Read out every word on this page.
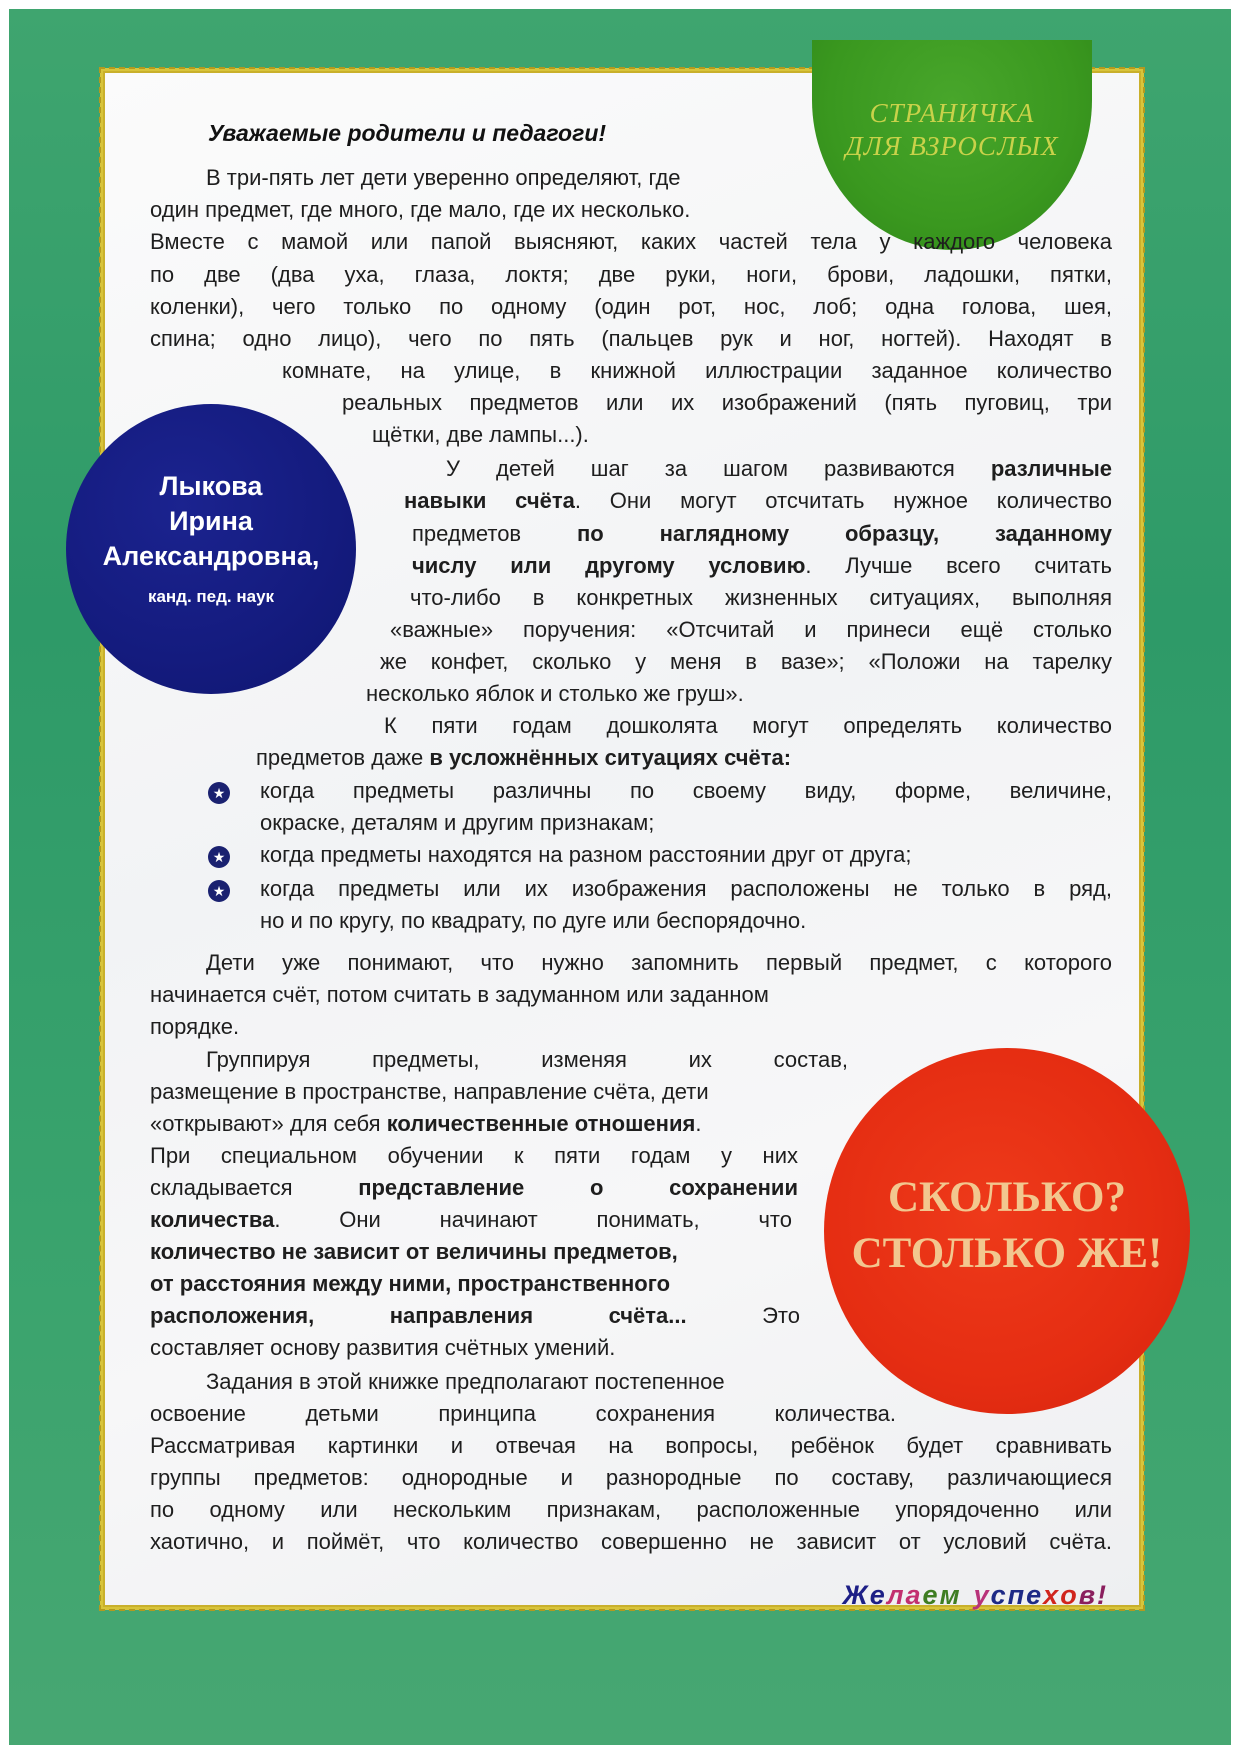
СТРАНИЧКА
ДЛЯ ВЗРОСЛЫХ
Уважаемые родители и педагоги!
В три-пять лет дети уверенно определяют, где
один предмет, где много, где мало, где их несколько.
Вместе с мамой или папой выясняют, каких частей тела у каждого человека
по две (два уха, глаза, локтя; две руки, ноги, брови, ладошки, пятки,
коленки), чего только по одному (один рот, нос, лоб; одна голова, шея,
спина; одно лицо), чего по пять (пальцев рук и ног, ногтей). Находят в
комнате, на улице, в книжной иллюстрации заданное количество
реальных предметов или их изображений (пять пуговиц, три
щётки, две лампы...).
Лыкова
Ирина
Александровна,
канд. пед. наук
У детей шаг за шагом развиваются различные
навыки счёта. Они могут отсчитать нужное количество
предметов по наглядному образцу, заданному
числу или другому условию. Лучше всего считать
что-либо в конкретных жизненных ситуациях, выполняя
«важные» поручения: «Отсчитай и принеси ещё столько
же конфет, сколько у меня в вазе»; «Положи на тарелку
несколько яблок и столько же груш».
К пяти годам дошколята могут определять количество
предметов даже в усложнённых ситуациях счёта:
★ когда предметы различны по своему виду, форме, величине,
окраске, деталям и другим признакам;
★ когда предметы находятся на разном расстоянии друг от друга;
★ когда предметы или их изображения расположены не только в ряд,
но и по кругу, по квадрату, по дуге или беспорядочно.
Дети уже понимают, что нужно запомнить первый предмет, с которого
начинается счёт, потом считать в задуманном или заданном
порядке.
СКОЛЬКО?
СТОЛЬКО ЖЕ!
Группируя предметы, изменяя их состав,
размещение в пространстве, направление счёта, дети
«открывают» для себя количественные отношения.
При специальном обучении к пяти годам у них
складывается представление о сохранении
количества. Они начинают понимать, что
количество не зависит от величины предметов,
от расстояния между ними, пространственного
расположения, направления счёта... Это
составляет основу развития счётных умений.
Задания в этой книжке предполагают постепенное
освоение детьми принципа сохранения количества.
Рассматривая картинки и отвечая на вопросы, ребёнок будет сравнивать
группы предметов: однородные и разнородные по составу, различающиеся
по одному или нескольким признакам, расположенные упорядоченно или
хаотично, и поймёт, что количество совершенно не зависит от условий счёта.
Желаем успехов!
